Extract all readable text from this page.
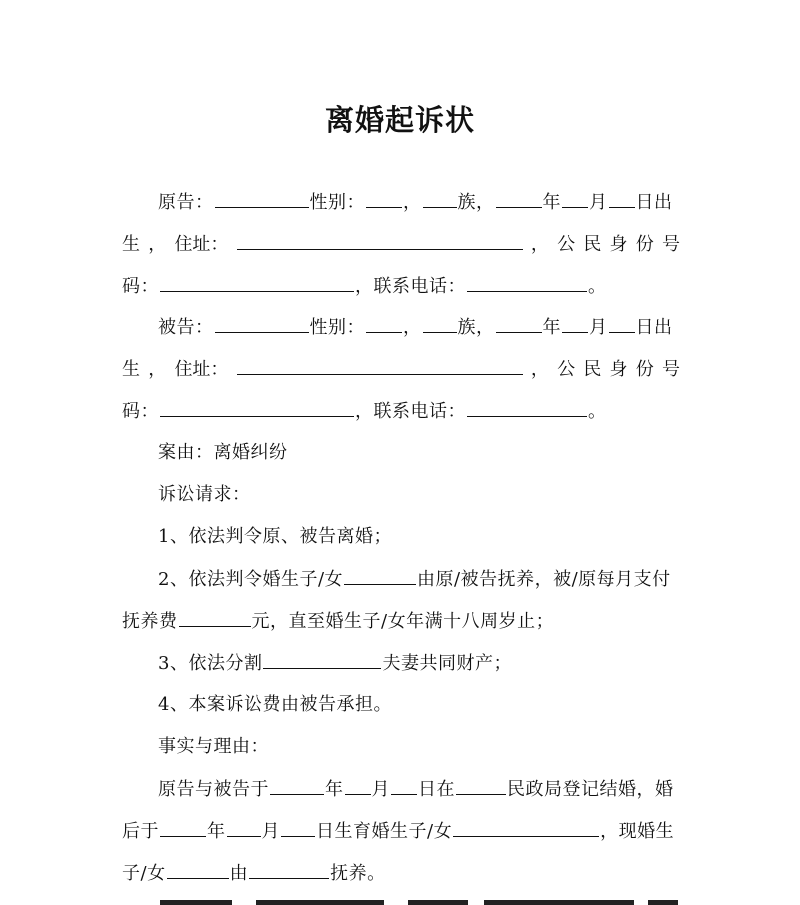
离婚起诉状
原告：	性别： ， 族，	年 月 日出
生 ， 住址：	， 公 民 身 份 号
码：	，联系电话：	。
被告：	性别： ， 族，	年 月 日出
生 ， 住址：	， 公 民 身 份 号
码：	，联系电话：	。
案由：离婚纠纷
诉讼请求：
1、依法判令原、被告离婚；
2、依法判令婚生子/女	由原/被告抚养，被/原每月支付
抚养费	元，直至婚生子/女年满十八周岁止；
3、依法分割	夫妻共同财产；
4、本案诉讼费由被告承担。
事实与理由：
原告与被告于	年 月 日在	民政局登记结婚，婚
后于	年 月 日生育婚生子/女	，现婚生
子/女	由	抚养。
